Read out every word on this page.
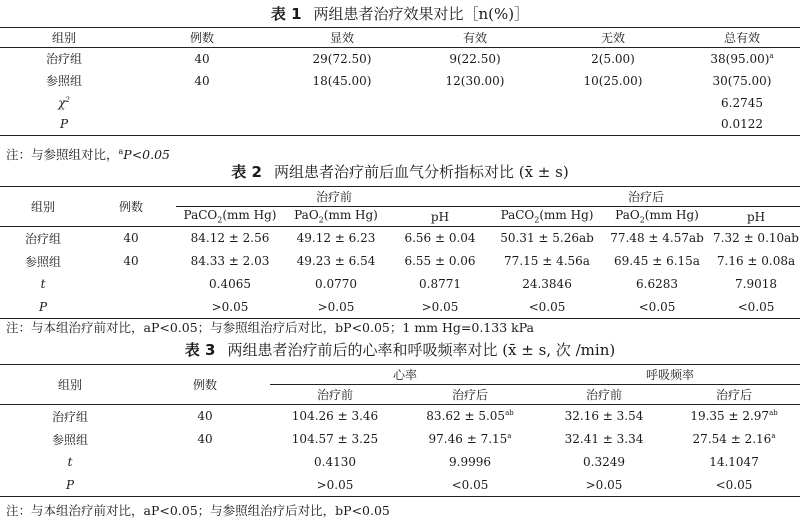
表 1 两组患者治疗效果对比［n(%)］
组别	例数	显效	有效	无效	总有效
治疗组	40	29(72.50)	9(22.50)	2(5.00)	$38(95.00)^a$
参照组	40	18(45.00)	12(30.00)	10(25.00)	30(75.00)
$\chi^2$					6.2745
P					0.0122
注：与参照组对比，$^a$P<0.05
表 2 两组患者治疗前后血气分析指标对比 (x̄ ± s)
组别	例数	治疗前			治疗后		
		PaCO$_2$(mm Hg)	PaO$_2$(mm Hg)	pH	PaCO$_2$(mm Hg)	PaO$_2$(mm Hg)	pH
治疗组	40	84.12 ± 2.56	49.12 ± 6.23	6.56 ± 0.04	50.31 ± 5.26ab	77.48 ± 4.57ab	7.32 ± 0.10ab
参照组	40	84.33 ± 2.03	49.23 ± 6.54	6.55 ± 0.06	77.15 ± 4.56a	69.45 ± 6.15a	7.16 ± 0.08a
t		0.4065	0.0770	0.8771	24.3846	6.6283	7.9018
P		>0.05	>0.05	>0.05	<0.05	<0.05	<0.05
注：与本组治疗前对比，aP<0.05；与参照组治疗后对比，bP<0.05；1 mm Hg=0.133 kPa
表 3 两组患者治疗前后的心率和呼吸频率对比 (x̄ ± s, 次 /min)
组别	例数	心率		呼吸频率	
		治疗前	治疗后	治疗前	治疗后
治疗组	40	104.26 ± 3.46	83.62 ± 5.05$^{ab}$	32.16 ± 3.54	19.35 ± 2.97$^{ab}$
参照组	40	104.57 ± 3.25	97.46 ± 7.15$^a$	32.41 ± 3.34	27.54 ± 2.16$^a$
t		0.4130	9.9996	0.3249	14.1047
P		>0.05	<0.05	>0.05	<0.05
注：与本组治疗前对比，aP<0.05；与参照组治疗后对比，bP<0.05
